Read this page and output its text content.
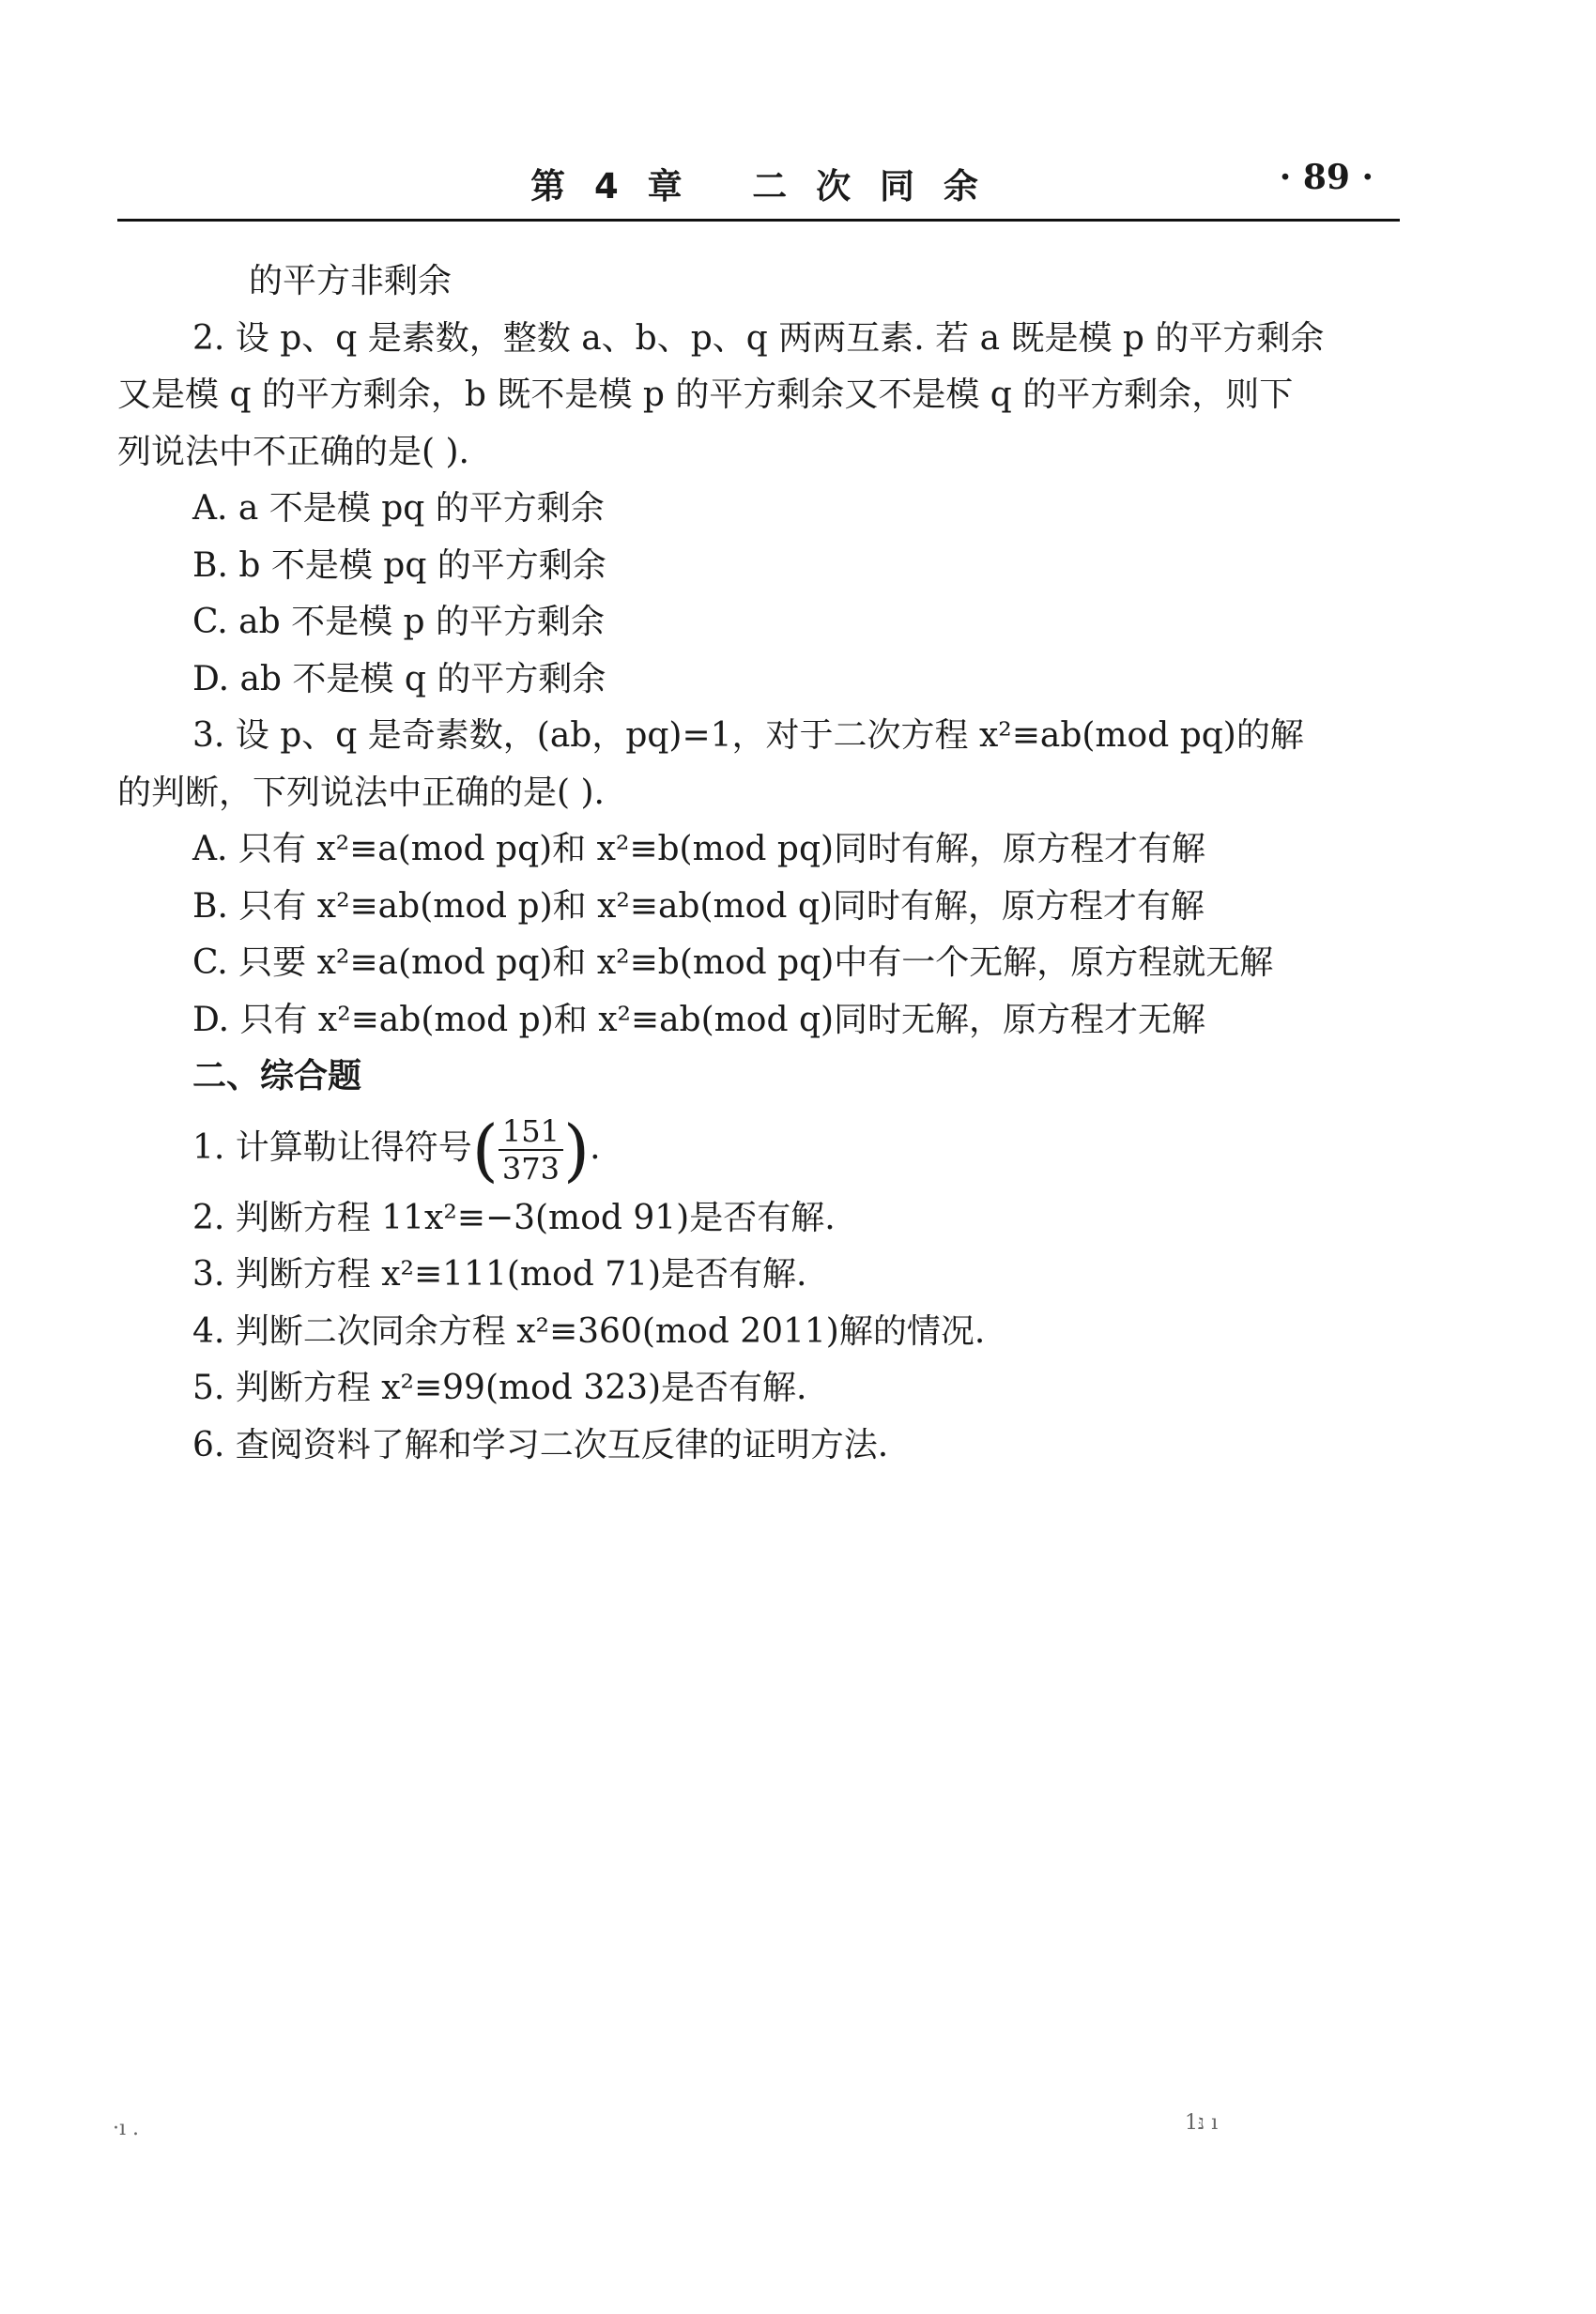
第 4 章   二 次 同 余	· 89 ·
的平方非剩余
2. 设 p、q 是素数，整数 a、b、p、q 两两互素. 若 a 既是模 p 的平方剩余
又是模 q 的平方剩余，b 既不是模 p 的平方剩余又不是模 q 的平方剩余，则下
列说法中不正确的是( ).
A. a 不是模 pq 的平方剩余
B. b 不是模 pq 的平方剩余
C. ab 不是模 p 的平方剩余
D. ab 不是模 q 的平方剩余
3. 设 p、q 是奇素数，(ab，pq)=1，对于二次方程 x²≡ab(mod pq)的解
的判断，下列说法中正确的是( ).
A. 只有 x²≡a(mod pq)和 x²≡b(mod pq)同时有解，原方程才有解
B. 只有 x²≡ab(mod p)和 x²≡ab(mod q)同时有解，原方程才有解
C. 只要 x²≡a(mod pq)和 x²≡b(mod pq)中有一个无解，原方程就无解
D. 只有 x²≡ab(mod p)和 x²≡ab(mod q)同时无解，原方程才无解
二、综合题
1. 计算勒让得符号( $\frac{151}{373}$ ).
2. 判断方程 11x²≡−3(mod 91)是否有解.
3. 判断方程 x²≡111(mod 71)是否有解.
4. 判断二次同余方程 x²≡360(mod 2011)解的情况.
5. 判断方程 x²≡99(mod 323)是否有解.
6. 查阅资料了解和学习二次互反律的证明方法.
·ı .	נּ1 ı
